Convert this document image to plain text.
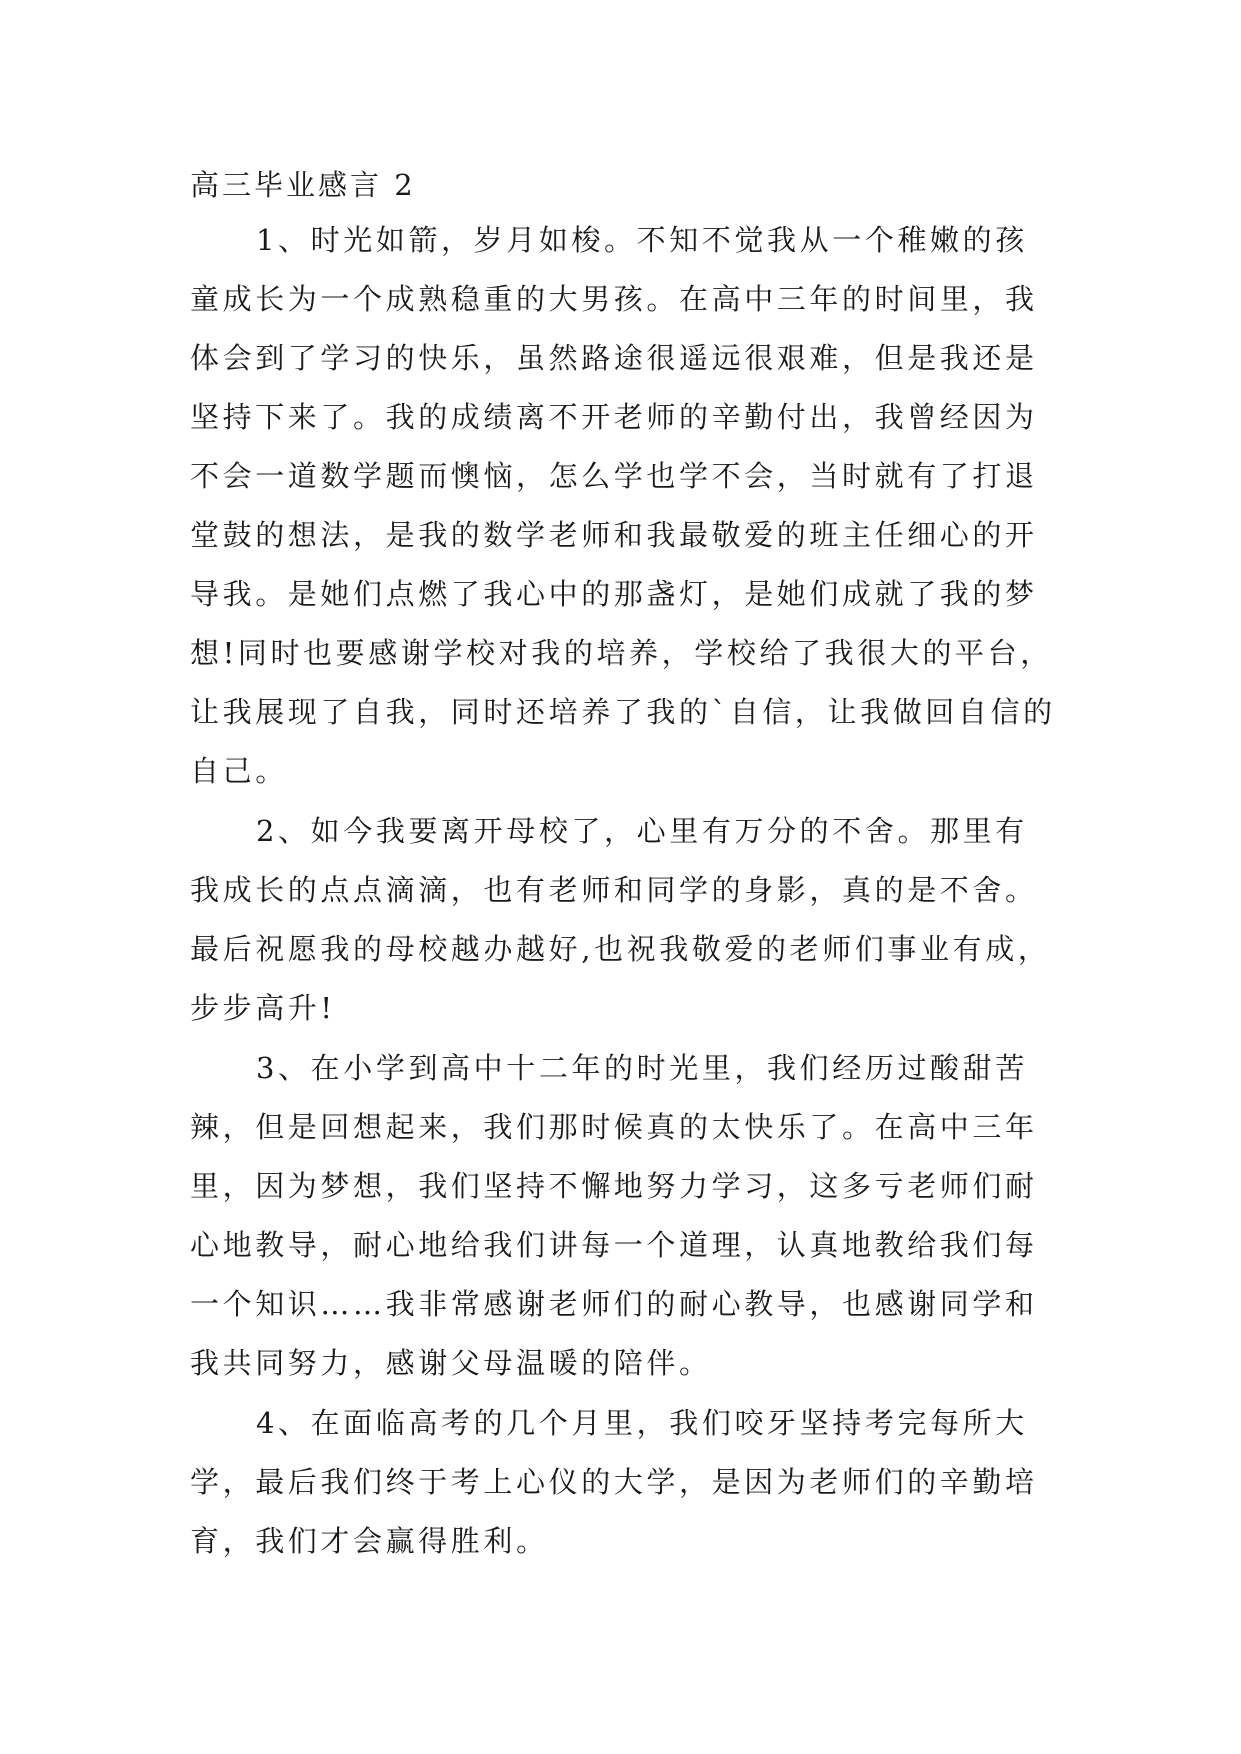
高三毕业感言 2

1、时光如箭，岁月如梭。不知不觉我从一个稚嫩的孩童成长为一个成熟稳重的大男孩。在高中三年的时间里，我体会到了学习的快乐，虽然路途很遥远很艰难，但是我还是坚持下来了。我的成绩离不开老师的辛勤付出，我曾经因为不会一道数学题而懊恼，怎么学也学不会，当时就有了打退堂鼓的想法，是我的数学老师和我最敬爱的班主任细心的开导我。是她们点燃了我心中的那盏灯，是她们成就了我的梦想!同时也要感谢学校对我的培养，学校给了我很大的平台，让我展现了自我，同时还培养了我的`自信，让我做回自信的自己。

2、如今我要离开母校了，心里有万分的不舍。那里有我成长的点点滴滴，也有老师和同学的身影，真的是不舍。最后祝愿我的母校越办越好,也祝我敬爱的老师们事业有成，步步高升!

3、在小学到高中十二年的时光里，我们经历过酸甜苦辣，但是回想起来，我们那时候真的太快乐了。在高中三年里，因为梦想，我们坚持不懈地努力学习，这多亏老师们耐心地教导，耐心地给我们讲每一个道理，认真地教给我们每一个知识……我非常感谢老师们的耐心教导，也感谢同学和我共同努力，感谢父母温暖的陪伴。

4、在面临高考的几个月里，我们咬牙坚持考完每所大学，最后我们终于考上心仪的大学，是因为老师们的辛勤培育，我们才会赢得胜利。
